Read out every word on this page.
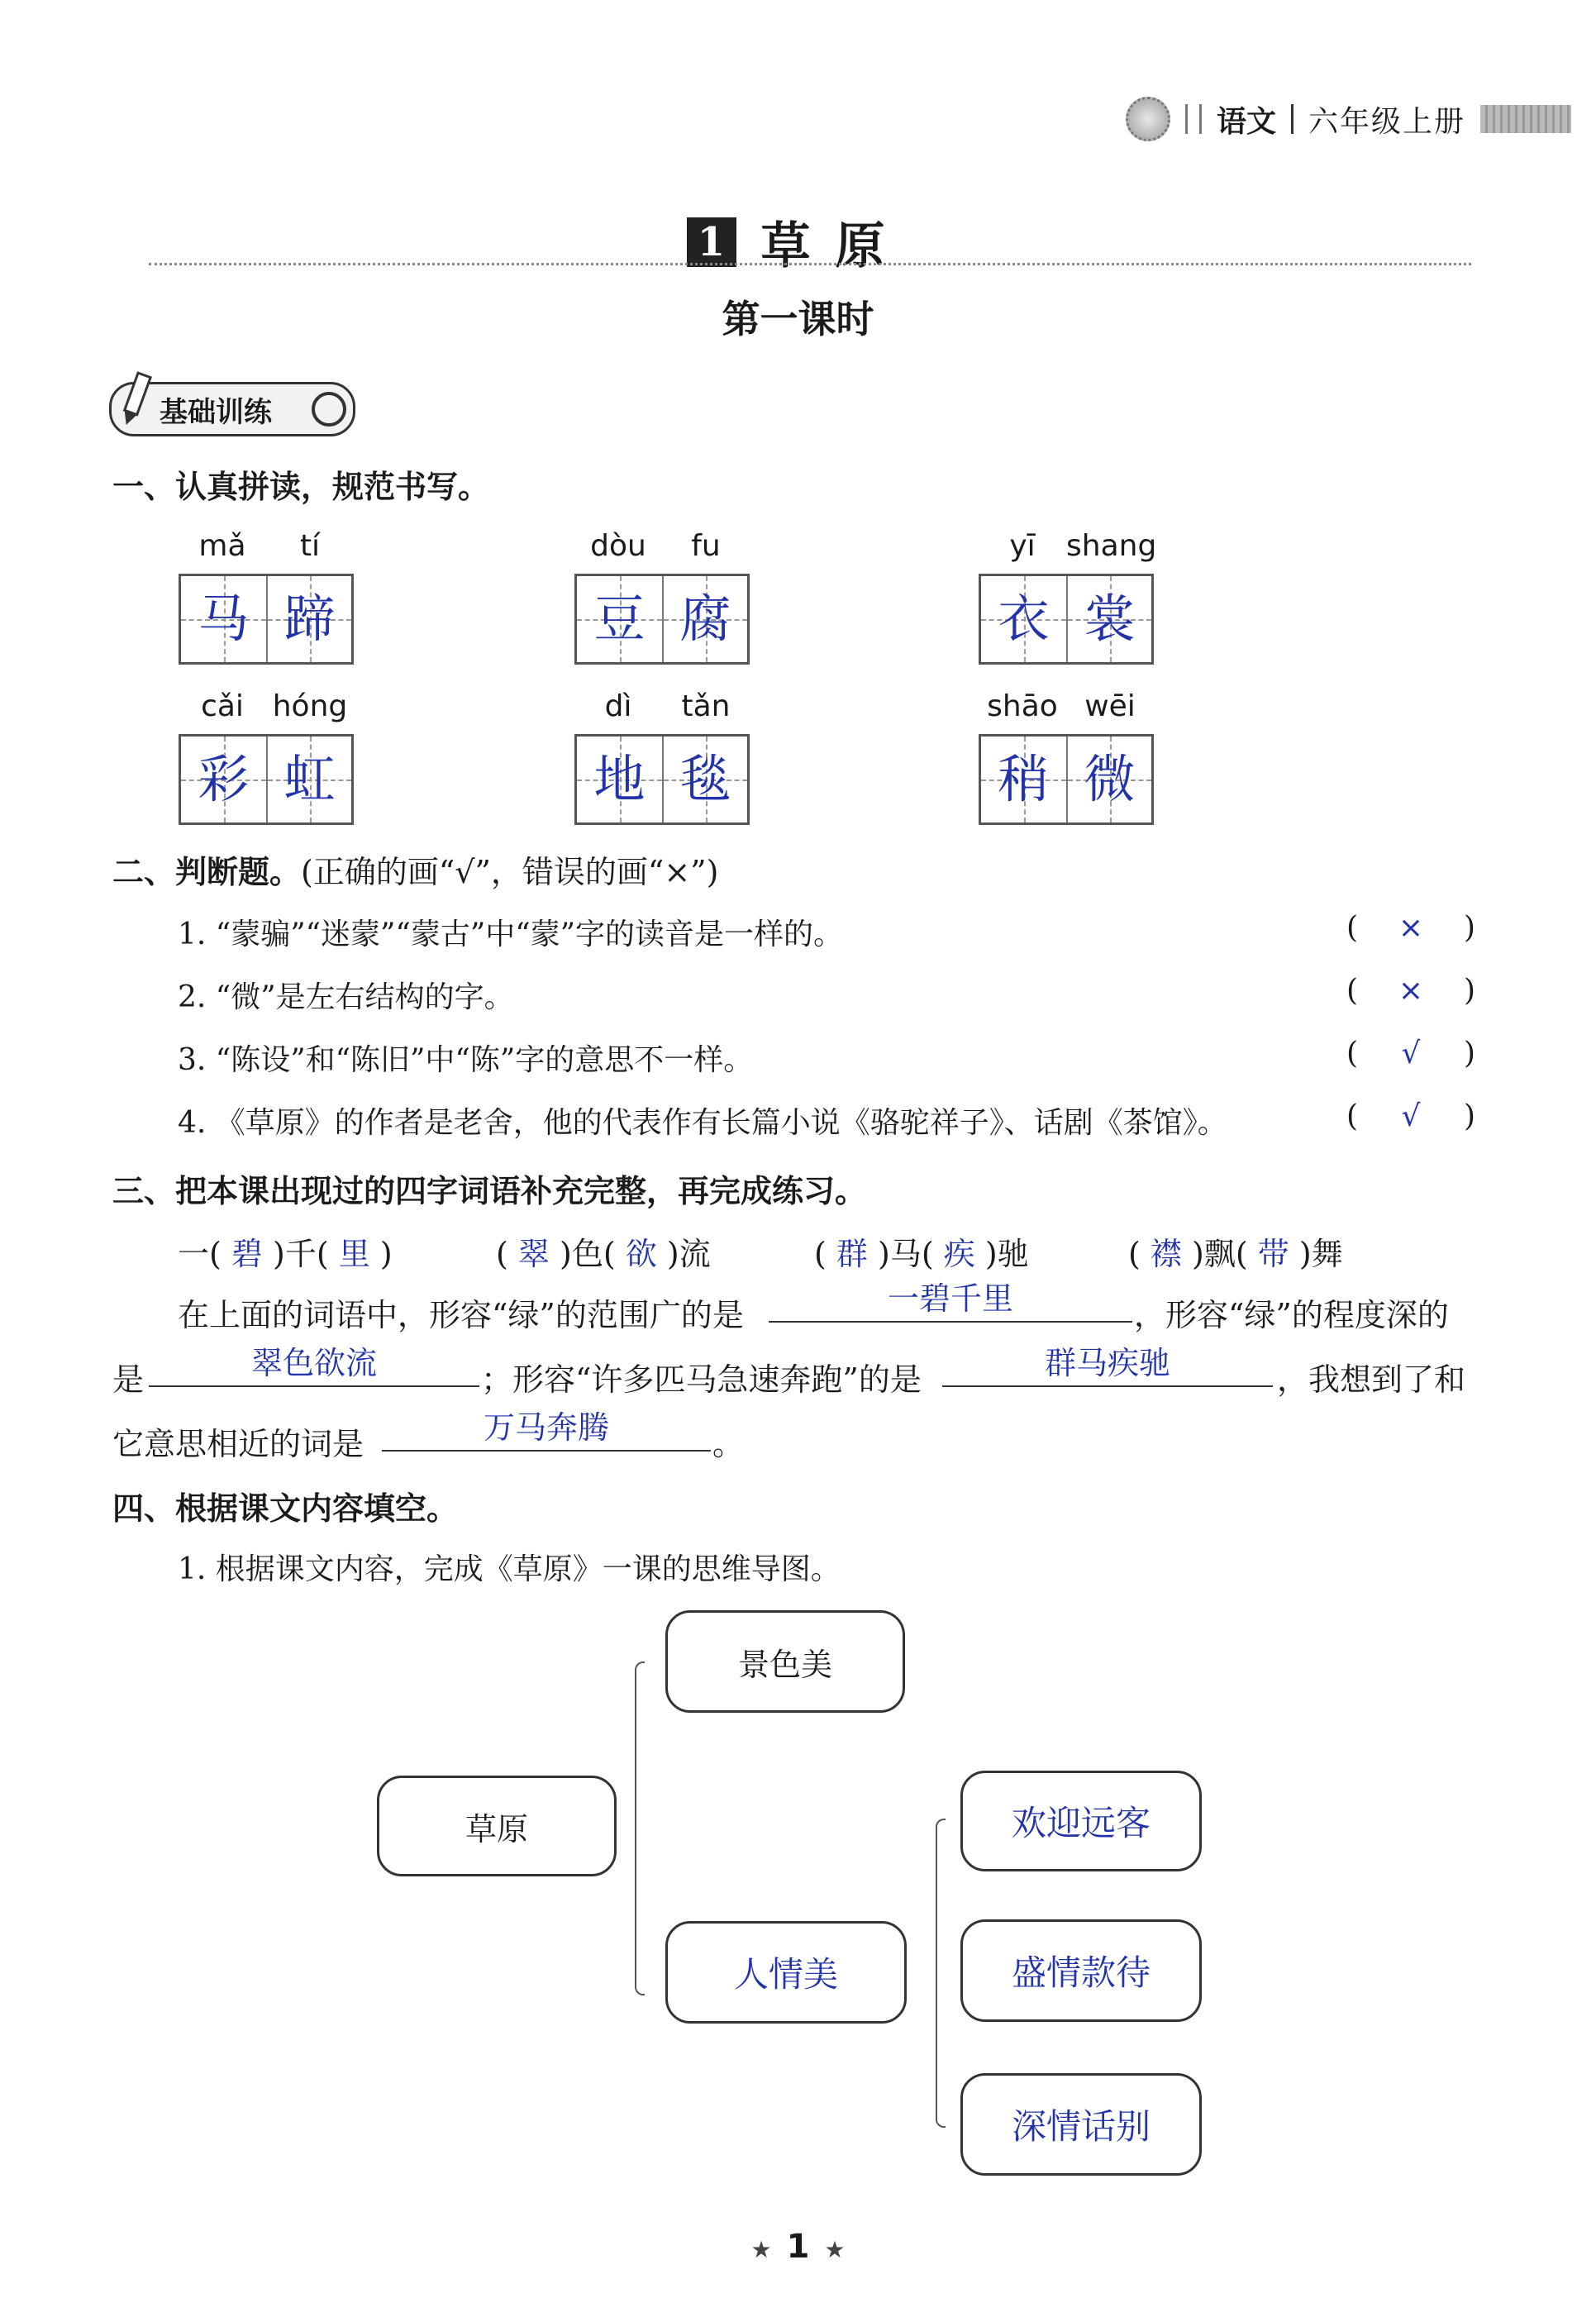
语文 六年级上册
1 草原
第一课时
基础训练
一、认真拼读，规范书写。
mǎ	tí
马 蹄
dòu	fu
豆 腐
yī	shang
衣 裳
cǎi hóng
彩 虹
dì	tǎn
地 毯
shāo wēi
稍 微
二、判断题。(正确的画“√”，错误的画“×”)
1. “蒙骗”“迷蒙”“蒙古”中“蒙”字的读音是一样的。	( × )
2. “微”是左右结构的字。	( × )
3. “陈设”和“陈旧”中“陈”字的意思不一样。	( √ )
4. 《草原》的作者是老舍，他的代表作有长篇小说《骆驼祥子》、话剧《茶馆》。	( √ )
三、把本课出现过的四字词语补充完整，再完成练习。
一( 碧 )千( 里 )	( 翠 )色( 欲 )流	( 群 )马( 疾 )驰	( 襟 )飘( 带 )舞
在上面的词语中，形容“绿”的范围广的是	一碧千里	，形容“绿”的程度深的
是	翠色欲流	；形容“许多匹马急速奔跑”的是	群马疾驰	，我想到了和
它意思相近的词是	万马奔腾	。
四、根据课文内容填空。
1. 根据课文内容，完成《草原》一课的思维导图。
草原
景色美
人情美
欢迎远客
盛情款待
深情话别
★ 1 ★
